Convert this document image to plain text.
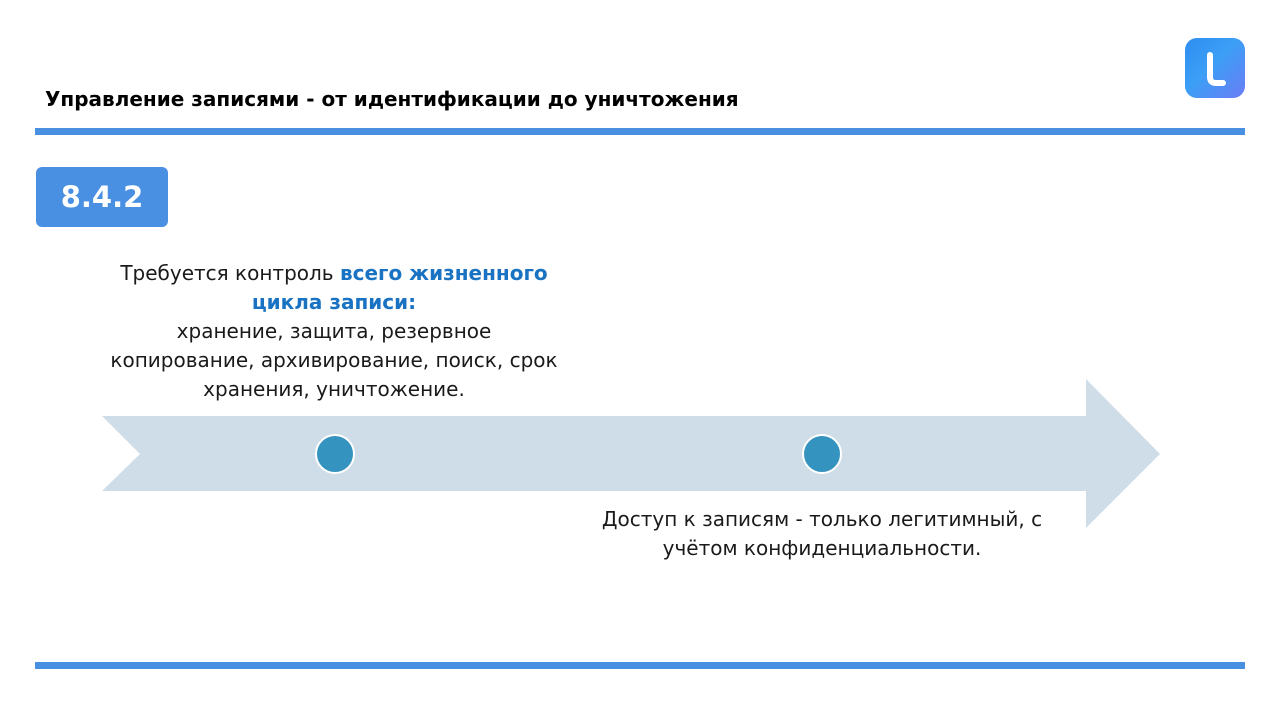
Управление записями - от идентификации до уничтожения
8.4.2
Требуется контроль всего жизненного цикла записи:
хранение, защита, резервное копирование, архивирование, поиск, срок хранения, уничтожение.
Доступ к записям - только легитимный, с учётом конфиденциальности.
